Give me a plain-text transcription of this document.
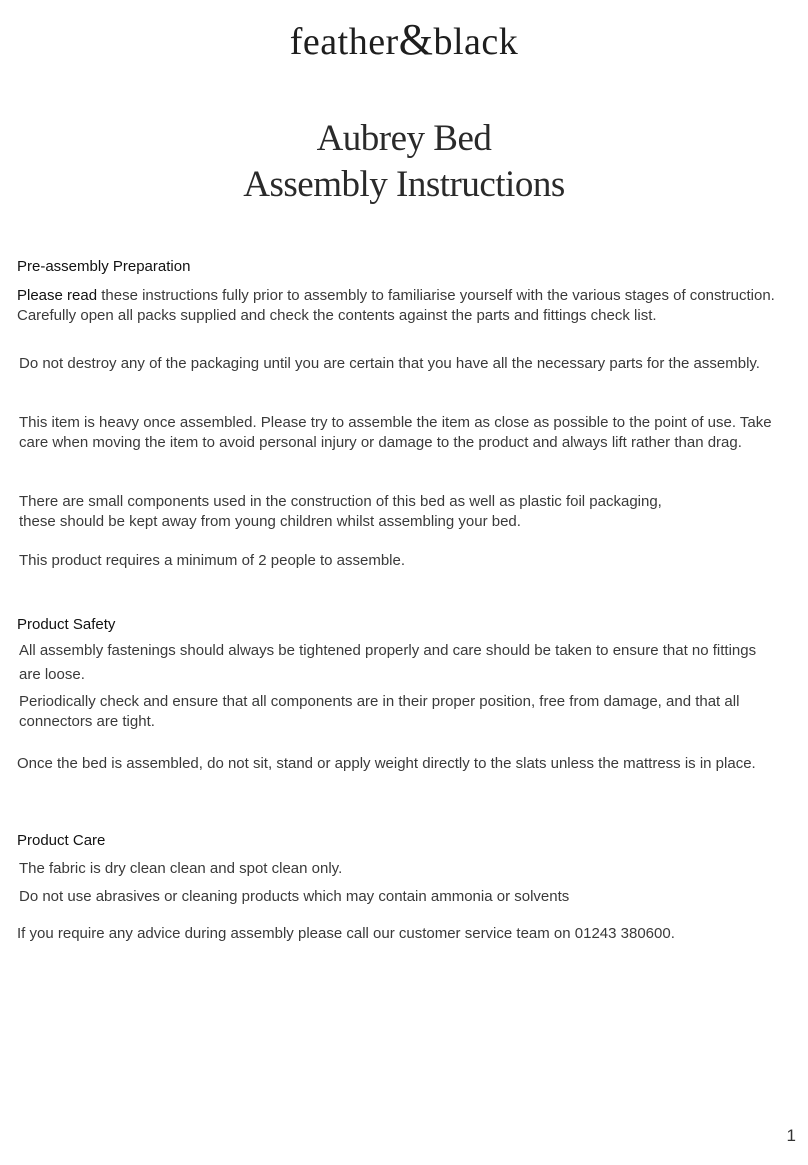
feather&black
Aubrey Bed
Assembly Instructions
Pre-assembly Preparation

Please read these instructions fully prior to assembly to familiarise yourself with the various stages of construction. Carefully open all packs supplied and check the contents against the parts and fittings check list.

Do not destroy any of the packaging until you are certain that you have all the necessary parts for the assembly.

This item is heavy once assembled. Please try to assemble the item as close as possible to the point of use. Take care when moving the item to avoid personal injury or damage to the product and always lift rather than drag.

There are small components used in the construction of this bed as well as plastic foil packaging,
these should be kept away from young children whilst assembling your bed.

This product requires a minimum of 2 people to assemble.

Product Safety

All assembly fastenings should always be tightened properly and care should be taken to ensure that no fittings are loose.

Periodically check and ensure that all components are in their proper position, free from damage, and that all connectors are tight.

Once the bed is assembled, do not sit, stand or apply weight directly to the slats unless the mattress is in place.

Product Care

The fabric is dry clean clean and spot clean only.

Do not use abrasives or cleaning products which may contain ammonia or solvents

If you require any advice during assembly please call our customer service team on 01243 380600.

1
